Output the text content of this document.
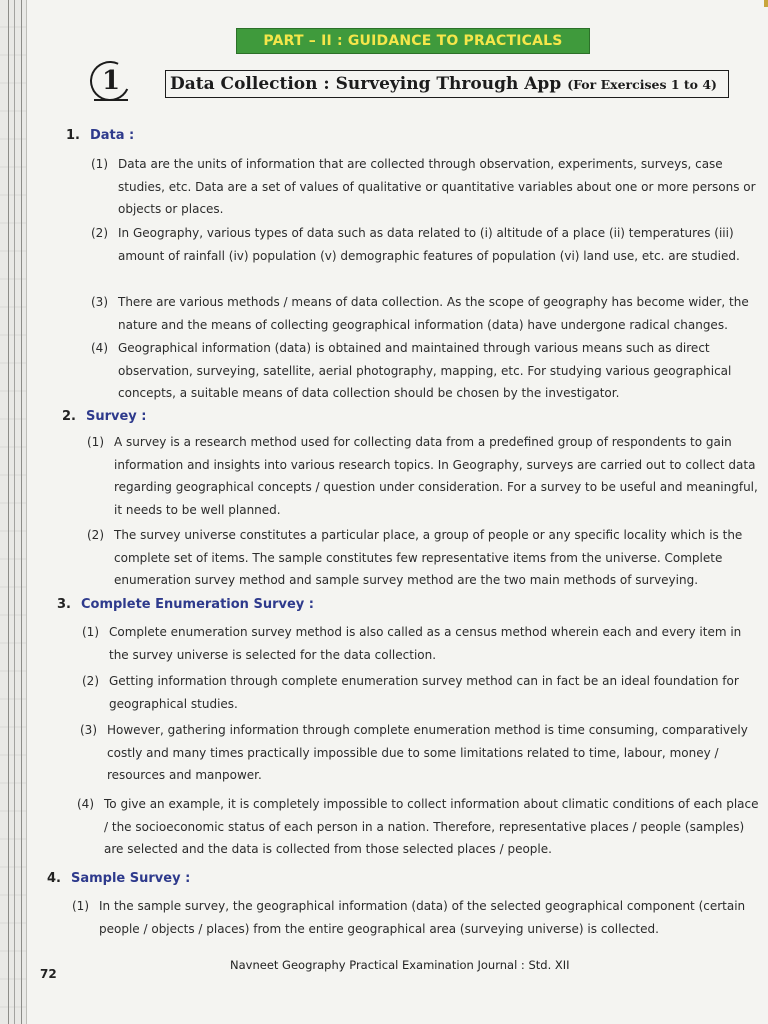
PART – II : GUIDANCE TO PRACTICALS
1	Data Collection : Surveying Through App (For Exercises 1 to 4)
1. Data :
(1) Data are the units of information that are collected through observation, experiments, surveys, case studies, etc. Data are a set of values of qualitative or quantitative variables about one or more persons or objects or places.
(2) In Geography, various types of data such as data related to (i) altitude of a place (ii) temperatures (iii) amount of rainfall (iv) population (v) demographic features of population (vi) land use, etc. are studied.
(3) There are various methods / means of data collection. As the scope of geography has become wider, the nature and the means of collecting geographical information (data) have undergone radical changes.
(4) Geographical information (data) is obtained and maintained through various means such as direct observation, surveying, satellite, aerial photography, mapping, etc. For studying various geographical concepts, a suitable means of data collection should be chosen by the investigator.
2. Survey :
(1) A survey is a research method used for collecting data from a predefined group of respondents to gain information and insights into various research topics. In Geography, surveys are carried out to collect data regarding geographical concepts / question under consideration. For a survey to be useful and meaningful, it needs to be well planned.
(2) The survey universe constitutes a particular place, a group of people or any specific locality which is the complete set of items. The sample constitutes few representative items from the universe. Complete enumeration survey method and sample survey method are the two main methods of surveying.
3. Complete Enumeration Survey :
(1) Complete enumeration survey method is also called as a census method wherein each and every item in the survey universe is selected for the data collection.
(2) Getting information through complete enumeration survey method can in fact be an ideal foundation for geographical studies.
(3) However, gathering information through complete enumeration method is time consuming, comparatively costly and many times practically impossible due to some limitations related to time, labour, money / resources and manpower.
(4) To give an example, it is completely impossible to collect information about climatic conditions of each place / the socioeconomic status of each person in a nation. Therefore, representative places / people (samples) are selected and the data is collected from those selected places / people.
4. Sample Survey :
(1) In the sample survey, the geographical information (data) of the selected geographical component (certain people / objects / places) from the entire geographical area (surveying universe) is collected.
Navneet Geography Practical Examination Journal : Std. XII
72
